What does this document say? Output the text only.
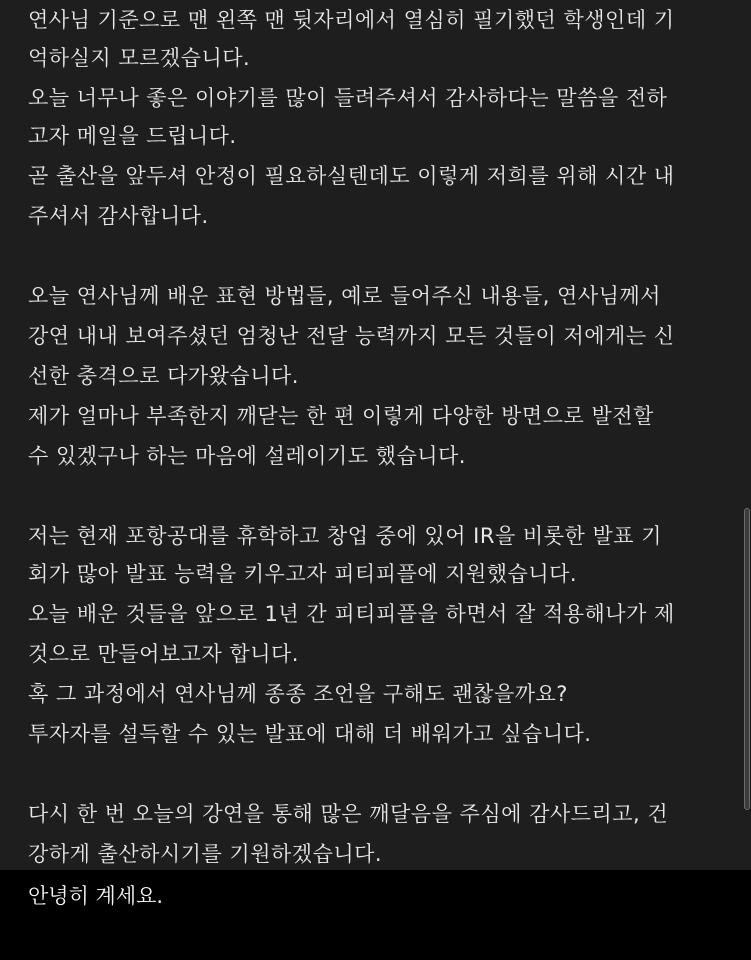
연사님 기준으로 맨 왼쪽 맨 뒷자리에서 열심히 필기했던 학생인데 기
억하실지 모르겠습니다.
오늘 너무나 좋은 이야기를 많이 들려주셔서 감사하다는 말씀을 전하
고자 메일을 드립니다.
곧 출산을 앞두셔 안정이 필요하실텐데도 이렇게 저희를 위해 시간 내
주셔서 감사합니다.
오늘 연사님께 배운 표현 방법들, 예로 들어주신 내용들, 연사님께서
강연 내내 보여주셨던 엄청난 전달 능력까지 모든 것들이 저에게는 신
선한 충격으로 다가왔습니다.
제가 얼마나 부족한지 깨닫는 한 편 이렇게 다양한 방면으로 발전할
수 있겠구나 하는 마음에 설레이기도 했습니다.
저는 현재 포항공대를 휴학하고 창업 중에 있어 IR을 비롯한 발표 기
회가 많아 발표 능력을 키우고자 피티피플에 지원했습니다.
오늘 배운 것들을 앞으로 1년 간 피티피플을 하면서 잘 적용해나가 제
것으로 만들어보고자 합니다.
혹 그 과정에서 연사님께 종종 조언을 구해도 괜찮을까요?
투자자를 설득할 수 있는 발표에 대해 더 배워가고 싶습니다.
다시 한 번 오늘의 강연을 통해 많은 깨달음을 주심에 감사드리고, 건
강하게 출산하시기를 기원하겠습니다.
안녕히 계세요.
